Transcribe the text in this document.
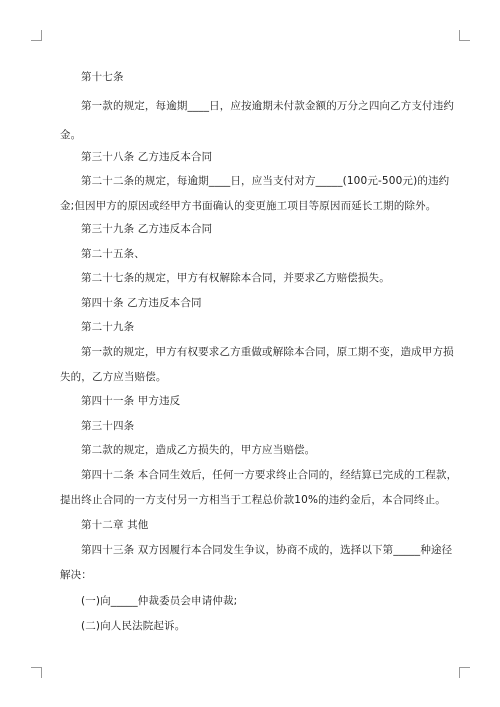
第十七条
第一款的规定，每逾期____日，应按逾期未付款金额的万分之四向乙方支付违约
金。
第三十八条 乙方违反本合同
第二十二条的规定，每逾期____日，应当支付对方_____(100元-500元)的违约
金;但因甲方的原因或经甲方书面确认的变更施工项目等原因而延长工期的除外。
第三十九条 乙方违反本合同
第二十五条、
第二十七条的规定，甲方有权解除本合同，并要求乙方赔偿损失。
第四十条 乙方违反本合同
第二十九条
第一款的规定，甲方有权要求乙方重做或解除本合同，原工期不变，造成甲方损
失的，乙方应当赔偿。
第四十一条 甲方违反
第三十四条
第二款的规定，造成乙方损失的，甲方应当赔偿。
第四十二条 本合同生效后，任何一方要求终止合同的，经结算已完成的工程款，
提出终止合同的一方支付另一方相当于工程总价款10%的违约金后，本合同终止。
第十二章 其他
第四十三条 双方因履行本合同发生争议，协商不成的，选择以下第_____种途径
解决：
(一)向_____仲裁委员会申请仲裁;
(二)向人民法院起诉。
